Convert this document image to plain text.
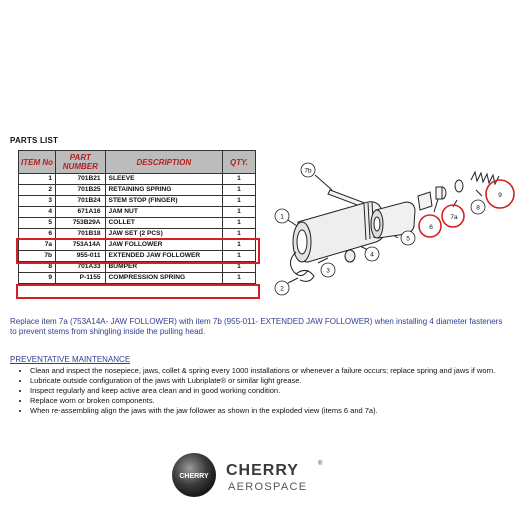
PARTS LIST
ITEM No	PART NUMBER	DESCRIPTION	QTY.
1	701B21	SLEEVE	1
2	701B25	RETAINING SPRING	1
3	701B24	STEM STOP (FINGER)	1
4	671A16	JAM NUT	1
5	753B29A	COLLET	1
6	701B18	JAW SET (2 PCS)	1
7a	753A14A	JAW FOLLOWER	1
7b	955-011	EXTENDED JAW FOLLOWER	1
8	701A33	BUMPER	1
9	P-1155	COMPRESSION SPRING	1
7b
1
5
6
7a
8
9
4
3
2
Replace item 7a (753A14A- JAW FOLLOWER) with item 7b (955-011- EXTENDED JAW FOLLOWER) when installing 4 diameter fasteners to prevent stems from shingling inside the pulling head.
PREVENTATIVE MAINTENANCE
• Clean and inspect the nosepiece, jaws, collet & spring every 1000 installations or whenever a failure occurs; replace spring and jaws if worn.
• Lubricate outside configuration of the jaws with Lubriplate® or similar light grease.
• Inspect regularly and keep active area clean and in good working condition.
• Replace worn or broken components.
• When re-assembling align the jaws with the jaw follower as shown in the exploded view (items 6 and 7a).
CHERRY CHERRY	®
AEROSPACE
